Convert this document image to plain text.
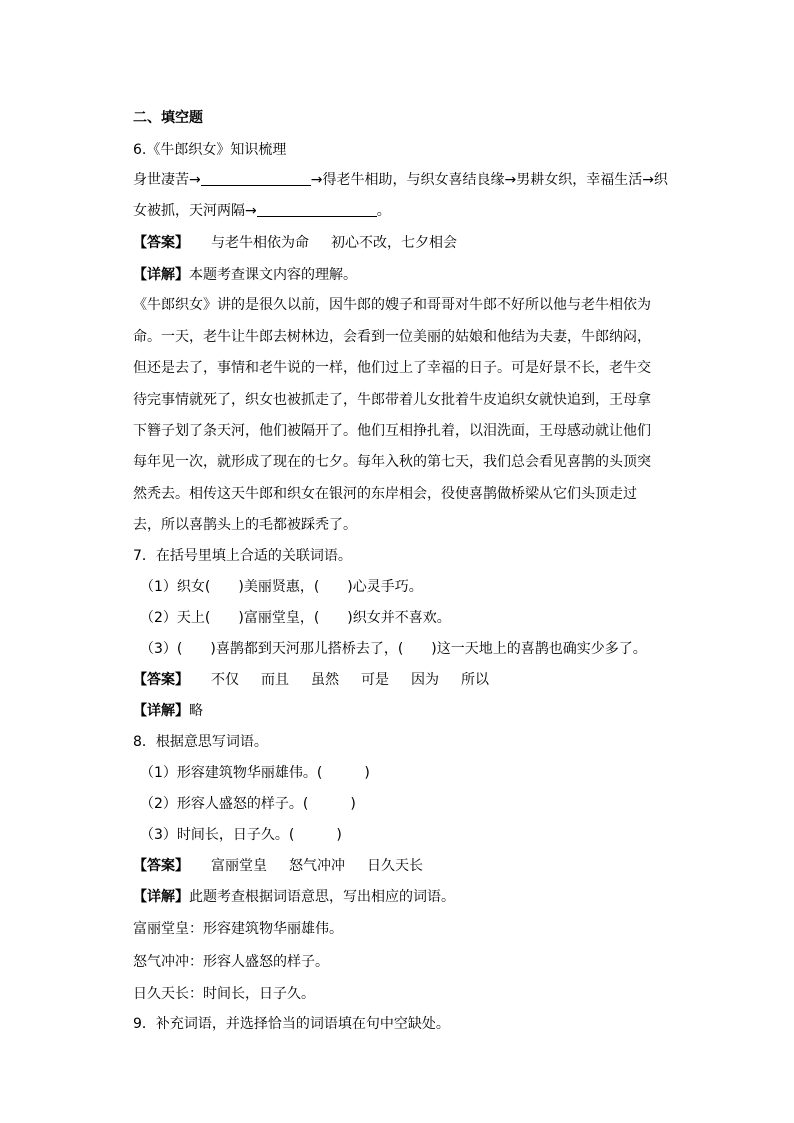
二、填空题
6.《牛郎织女》知识梳理
身世凄苦→	→得老牛相助，与织女喜结良缘→男耕女织，幸福生活→织
女被抓，天河两隔→	。
【答案】 与老牛相依为命 初心不改，七夕相会
【详解】本题考查课文内容的理解。
《牛郎织女》讲的是很久以前，因牛郎的嫂子和哥哥对牛郎不好所以他与老牛相依为
命。一天，老牛让牛郎去树林边，会看到一位美丽的姑娘和他结为夫妻，牛郎纳闷，
但还是去了，事情和老牛说的一样，他们过上了幸福的日子。可是好景不长，老牛交
待完事情就死了，织女也被抓走了，牛郎带着儿女批着牛皮追织女就快追到，王母拿
下簪子划了条天河，他们被隔开了。他们互相挣扎着，以泪洗面，王母感动就让他们
每年见一次，就形成了现在的七夕。每年入秋的第七天，我们总会看见喜鹊的头顶突
然秃去。相传这天牛郎和织女在银河的东岸相会，役使喜鹊做桥梁从它们头顶走过
去，所以喜鹊头上的毛都被踩秃了。
7．在括号里填上合适的关联词语。
（1）织女(　　)美丽贤惠，(　　)心灵手巧。
（2）天上(　　)富丽堂皇，(　　)织女并不喜欢。
（3）(　　)喜鹊都到天河那儿搭桥去了，(　　)这一天地上的喜鹊也确实少多了。
【答案】 不仅 而且 虽然 可是 因为 所以
【详解】略
8．根据意思写词语。
（1）形容建筑物华丽雄伟。(　　　)
（2）形容人盛怒的样子。(　　　)
（3）时间长，日子久。(　　　)
【答案】 富丽堂皇 怒气冲冲 日久天长
【详解】此题考查根据词语意思，写出相应的词语。
富丽堂皇：形容建筑物华丽雄伟。
怒气冲冲：形容人盛怒的样子。
日久天长：时间长，日子久。
9．补充词语，并选择恰当的词语填在句中空缺处。
